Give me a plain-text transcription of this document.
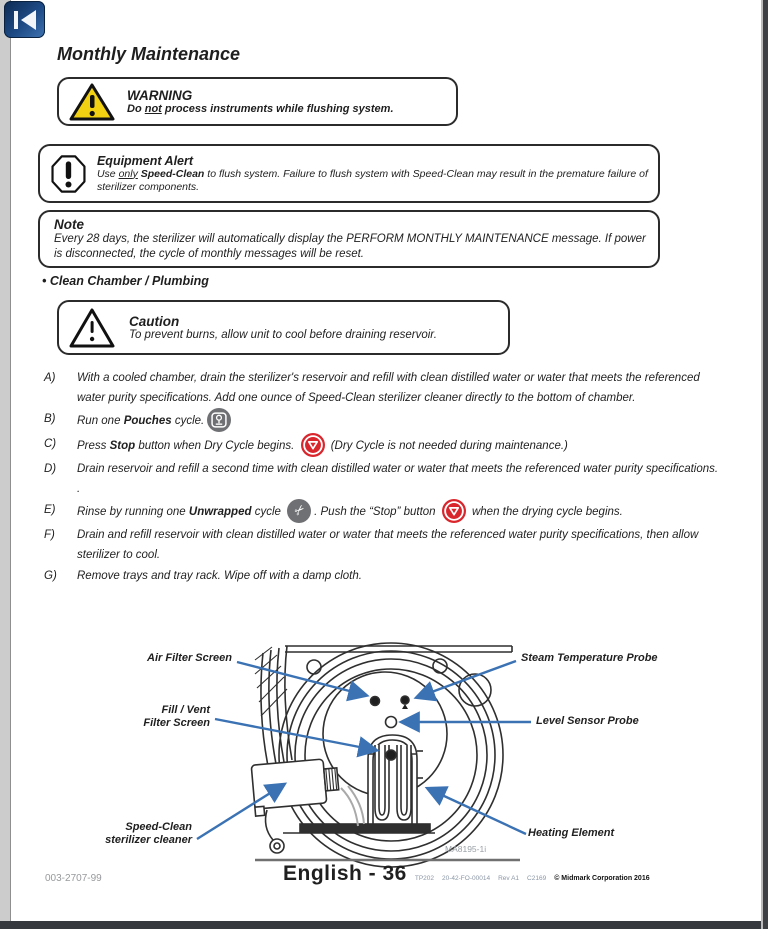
Monthly Maintenance
WARNING
Do not process instruments while flushing system.
Equipment Alert
Use only Speed-Clean to flush system. Failure to flush system with Speed-Clean may result in the premature failure of sterilizer components.
Note
Every 28 days, the sterilizer will automatically display the PERFORM MONTHLY MAINTENANCE message. If power is disconnected, the cycle of monthly messages will be reset.
• Clean Chamber / Plumbing
Caution
To prevent burns, allow unit to cool before draining reservoir.
A)	With a cooled chamber, drain the sterilizer's reservoir and refill with clean distilled water or water that meets the referenced water purity specifications. Add one ounce of Speed-Clean sterilizer cleaner directly to the bottom of chamber.
B)	Run one Pouches cycle.
C)	Press Stop button when Dry Cycle begins.	(Dry Cycle is not needed during maintenance.)
D)	Drain reservoir and refill a second time with clean distilled water or water that meets the referenced water purity specifications. .
E)	Rinse by running one Unwrapped cycle ✂ . Push the “Stop” button	when the drying cycle begins.
F)	Drain and refill reservoir with clean distilled water or water that meets the referenced water purity specifications, then allow sterilizer to cool.
G)	Remove trays and tray rack. Wipe off with a damp cloth.
MA8195-1i
Air Filter Screen	Steam Temperature Probe
Fill / Vent
Filter Screen	Level Sensor Probe
Speed-Clean
sterilizer cleaner
Heating Element
003-2707-99	English - 36 TP202 20-42-FO-00014 Rev A1 C2169 © Midmark Corporation 2016
